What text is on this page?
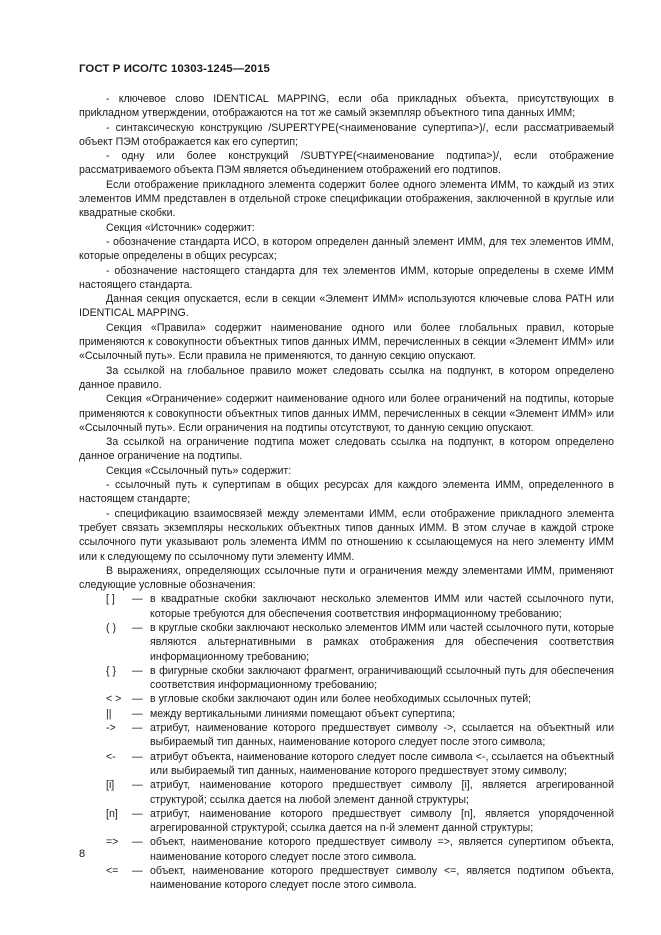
ГОСТ Р ИСО/ТС 10303-1245—2015

- ключевое слово IDENTICAL MAPPING, если оба прикладных объекта, присутствующих в приkладном утверждении, отображаются на тот же самый экземпляр объектного типа данных ИММ;

- синтаксическую конструкцию /SUPERTYPE(<наименование супертипа>)/, если рассматриваемый объект ПЭМ отображается как его супертип;

- одну или более конструкций /SUBTYPE(<наименование подтипа>)/, если отображение рассматриваемого объекта ПЭМ является объединением отображений его подтипов.

Если отображение прикладного элемента содержит более одного элемента ИММ, то каждый из этих элементов ИММ представлен в отдельной строке спецификации отображения, заключенной в круглые или квадратные скобки.

Секция «Источник» содержит:

- обозначение стандарта ИСО, в котором определен данный элемент ИММ, для тех элементов ИММ, которые определены в общих ресурсах;

- обозначение настоящего стандарта для тех элементов ИММ, которые определены в схеме ИММ настоящего стандарта.

Данная секция опускается, если в секции «Элемент ИММ» используются ключевые слова PATH или IDENTICAL MAPPING.

Секция «Правила» содержит наименование одного или более глобальных правил, которые применяются к совокупности объектных типов данных ИММ, перечисленных в секции «Элемент ИММ» или «Ссылочный путь». Если правила не применяются, то данную секцию опускают.

За ссылкой на глобальное правило может следовать ссылка на подпункт, в котором определено данное правило.

Секция «Ограничение» содержит наименование одного или более ограничений на подтипы, которые применяются к совокупности объектных типов данных ИММ, перечисленных в секции «Элемент ИММ» или «Ссылочный путь». Если ограничения на подтипы отсутствуют, то данную секцию опускают.

За ссылкой на ограничение подтипа может следовать ссылка на подпункт, в котором определено данное ограничение на подтипы.

Секция «Ссылочный путь» содержит:

- ссылочный путь к супертипам в общих ресурсах для каждого элемента ИММ, определенного в настоящем стандарте;

- спецификацию взаимосвязей между элементами ИММ, если отображение прикладного элемента требует связать экземпляры нескольких объектных типов данных ИММ. В этом случае в каждой строке ссылочного пути указывают роль элемента ИММ по отношению к ссылающемуся на него элементу ИММ или к следующему по ссылочному пути элементу ИММ.

В выражениях, определяющих ссылочные пути и ограничения между элементами ИММ, применяют следующие условные обозначения:

[ ]	— в квадратные скобки заключают несколько элементов ИММ или частей ссылочного пути, которые требуются для обеспечения соответствия информационному требованию;
( )	— в круглые скобки заключают несколько элементов ИММ или частей ссылочного пути, которые являются альтернативными в рамках отображения для обеспечения соответствия информационному требованию;
{ }	— в фигурные скобки заключают фрагмент, ограничивающий ссылочный путь для обеспечения соответствия информационному требованию;
< >	— в угловые скобки заключают один или более необходимых ссылочных путей;
||	— между вертикальными линиями помещают объект супертипа;
->	— атрибут, наименование которого предшествует символу ->, ссылается на объектный или выбираемый тип данных, наименование которого следует после этого символа;
<-	— атрибут объекта, наименование которого следует после символа <-, ссылается на объектный или выбираемый тип данных, наименование которого предшествует этому символу;
[i]	— атрибут, наименование которого предшествует символу [i], является агрегированной структурой; ссылка дается на любой элемент данной структуры;
[n]	— атрибут, наименование которого предшествует символу [n], является упорядоченной агрегированной структурой; ссылка дается на n-й элемент данной структуры;
=>	— объект, наименование которого предшествует символу =>, является супертипом объекта, наименование которого следует после этого символа.
<=	— объект, наименование которого предшествует символу <=, является подтипом объекта, наименование которого следует после этого символа.
8
